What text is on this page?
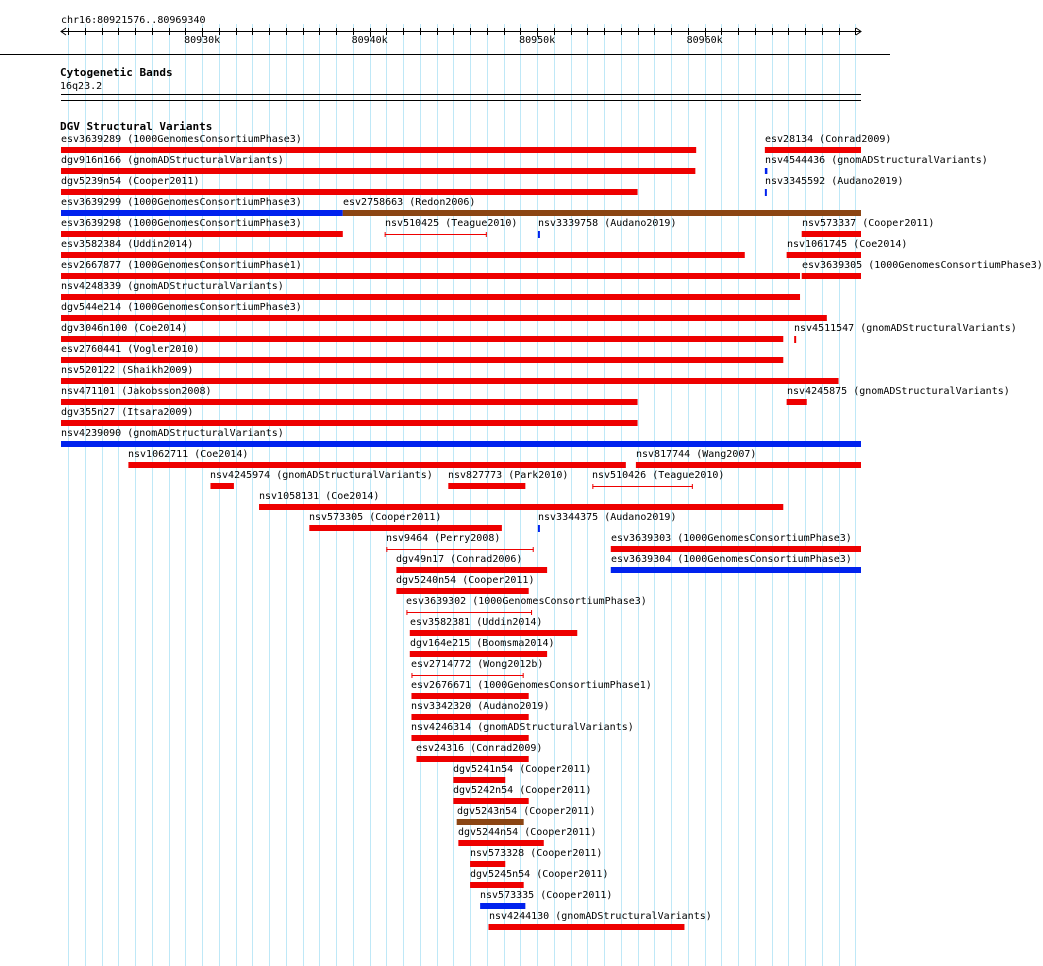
chr16:80921576..80969340
80930k	80940k	80950k	80960k
Cytogenetic Bands
16q23.2
DGV Structural Variants
esv3639289 (1000GenomesConsortiumPhase3)	esv28134 (Conrad2009)
dgv916n166 (gnomADStructuralVariants)	nsv4544436 (gnomADStructuralVariants)
dgv5239n54 (Cooper2011)	nsv3345592 (Audano2019)
esv3639299 (1000GenomesConsortiumPhase3)	esv2758663 (Redon2006)
esv3639298 (1000GenomesConsortiumPhase3)	nsv510425 (Teague2010) nsv3339758 (Audano2019)	nsv573337 (Cooper2011)
esv3582384 (Uddin2014)	nsv1061745 (Coe2014)
esv2667877 (1000GenomesConsortiumPhase1)	esv3639305 (1000GenomesConsortiumPhase3)
nsv4248339 (gnomADStructuralVariants)
dgv544e214 (1000GenomesConsortiumPhase3)
dgv3046n100 (Coe2014)	nsv4511547 (gnomADStructuralVariants)
esv2760441 (Vogler2010)
nsv520122 (Shaikh2009)
nsv471101 (Jakobsson2008)	nsv4245875 (gnomADStructuralVariants)
dgv355n27 (Itsara2009)
nsv4239090 (gnomADStructuralVariants)
nsv1062711 (Coe2014)	nsv817744 (Wang2007)
nsv4245974 (gnomADStructuralVariants) nsv827773 (Park2010) nsv510426 (Teague2010)
nsv1058131 (Coe2014)
nsv573305 (Cooper2011)	nsv3344375 (Audano2019)
nsv9464 (Perry2008)	esv3639303 (1000GenomesConsortiumPhase3)
dgv49n17 (Conrad2006)	esv3639304 (1000GenomesConsortiumPhase3)
dgv5240n54 (Cooper2011)
esv3639302 (1000GenomesConsortiumPhase3)
esv3582381 (Uddin2014)
dgv164e215 (Boomsma2014)
esv2714772 (Wong2012b)
esv2676671 (1000GenomesConsortiumPhase1)
nsv3342320 (Audano2019)
nsv4246314 (gnomADStructuralVariants)
esv24316 (Conrad2009)
dgv5241n54 (Cooper2011)
dgv5242n54 (Cooper2011)
dgv5243n54 (Cooper2011)
dgv5244n54 (Cooper2011)
nsv573328 (Cooper2011)
dgv5245n54 (Cooper2011)
nsv573335 (Cooper2011)
nsv4244130 (gnomADStructuralVariants)
